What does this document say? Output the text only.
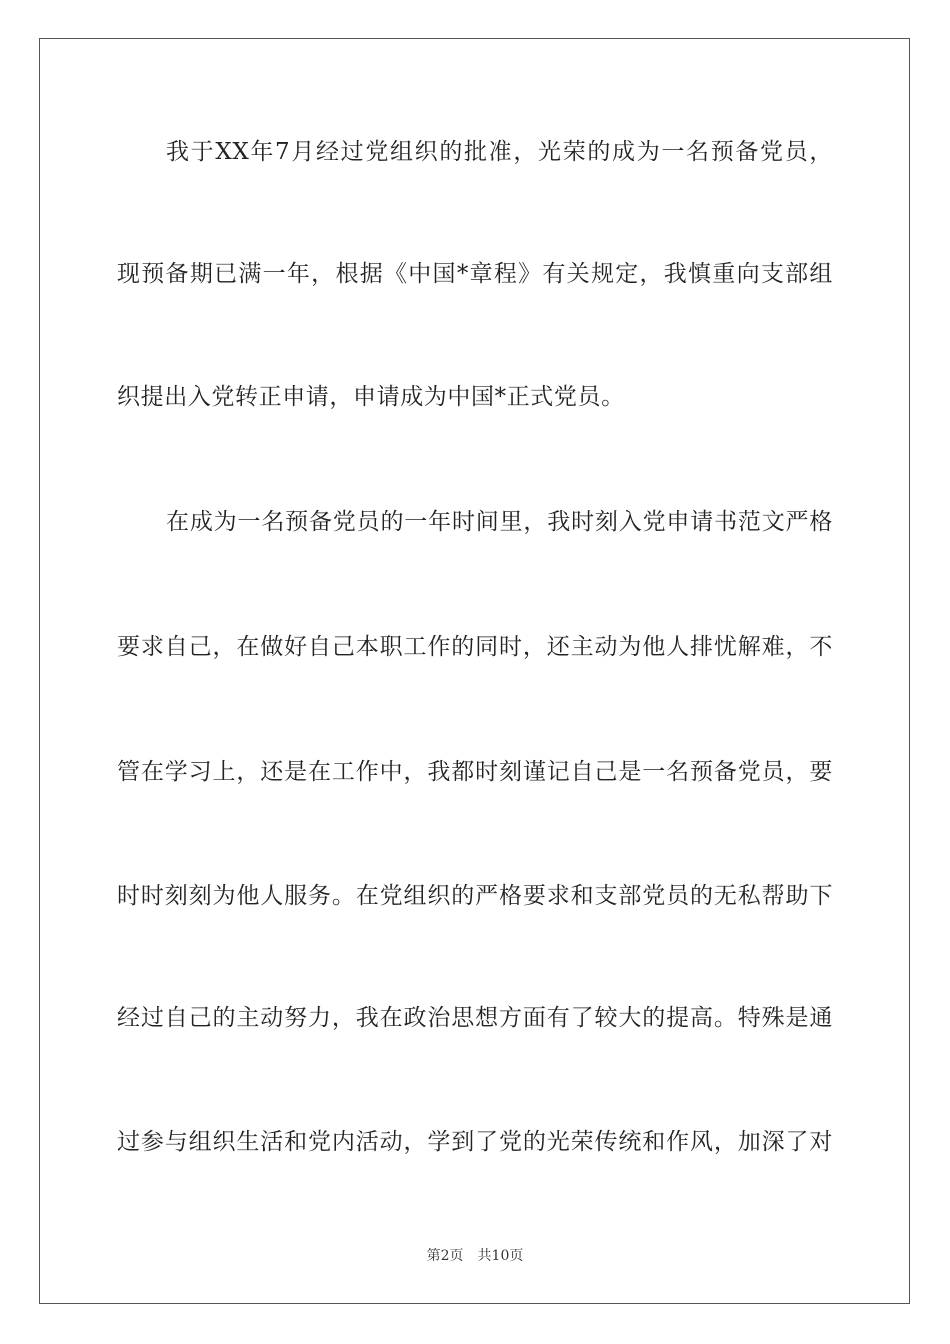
我于XX年7月经过党组织的批准，光荣的成为一名预备党员，
现预备期已满一年，根据《中国*章程》有关规定，我慎重向支部组
织提出入党转正申请，申请成为中国*正式党员。
在成为一名预备党员的一年时间里，我时刻入党申请书范文严格
要求自己，在做好自己本职工作的同时，还主动为他人排忧解难，不
管在学习上，还是在工作中，我都时刻谨记自己是一名预备党员，要
时时刻刻为他人服务。在党组织的严格要求和支部党员的无私帮助下
经过自己的主动努力，我在政治思想方面有了较大的提高。特殊是通
过参与组织生活和党内活动，学到了党的光荣传统和作风，加深了对
第2页 共10页
